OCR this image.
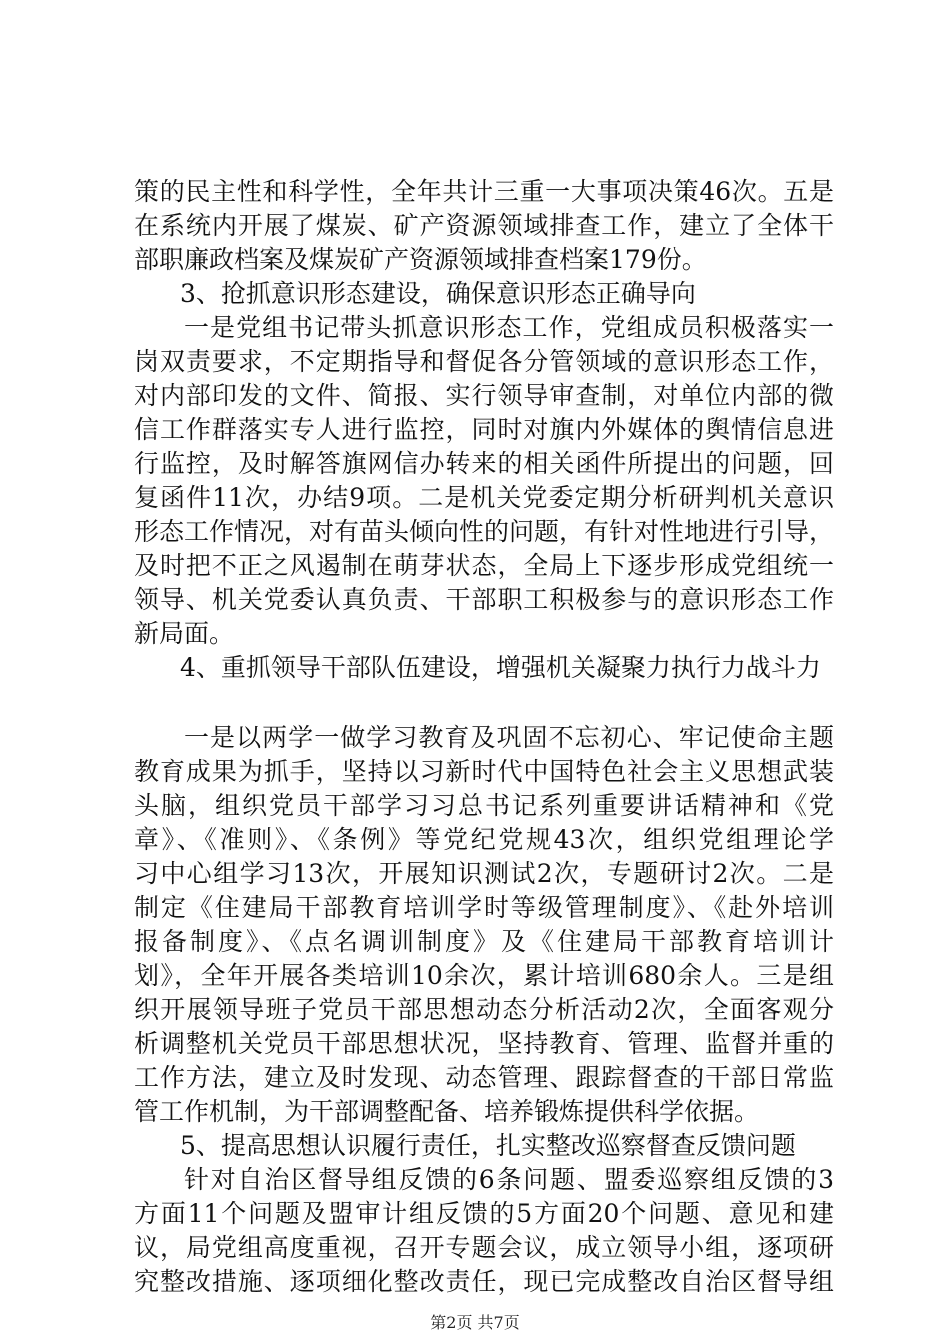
策的民主性和科学性，全年共计三重一大事项决策46次。五是
在系统内开展了煤炭、矿产资源领域排查工作，建立了全体干
部职廉政档案及煤炭矿产资源领域排查档案179份。
3、抢抓意识形态建设，确保意识形态正确导向
一是党组书记带头抓意识形态工作，党组成员积极落实一
岗双责要求，不定期指导和督促各分管领域的意识形态工作，
对内部印发的文件、简报、实行领导审查制，对单位内部的微
信工作群落实专人进行监控，同时对旗内外媒体的舆情信息进
行监控，及时解答旗网信办转来的相关函件所提出的问题，回
复函件11次，办结9项。二是机关党委定期分析研判机关意识
形态工作情况，对有苗头倾向性的问题，有针对性地进行引导，
及时把不正之风遏制在萌芽状态，全局上下逐步形成党组统一
领导、机关党委认真负责、干部职工积极参与的意识形态工作
新局面。
4、重抓领导干部队伍建设，增强机关凝聚力执行力战斗力
一是以两学一做学习教育及巩固不忘初心、牢记使命主题
教育成果为抓手，坚持以习新时代中国特色社会主义思想武装
头脑，组织党员干部学习习总书记系列重要讲话精神和《党
章》、《准则》、《条例》等党纪党规43次，组织党组理论学
习中心组学习13次，开展知识测试2次，专题研讨2次。二是
制定《住建局干部教育培训学时等级管理制度》、《赴外培训
报备制度》、《点名调训制度》及《住建局干部教育培训计
划》，全年开展各类培训10余次，累计培训680余人。三是组
织开展领导班子党员干部思想动态分析活动2次，全面客观分
析调整机关党员干部思想状况，坚持教育、管理、监督并重的
工作方法，建立及时发现、动态管理、跟踪督查的干部日常监
管工作机制，为干部调整配备、培养锻炼提供科学依据。
5、提高思想认识履行责任，扎实整改巡察督查反馈问题
针对自治区督导组反馈的6条问题、盟委巡察组反馈的3
方面11个问题及盟审计组反馈的5方面20个问题、意见和建
议，局党组高度重视，召开专题会议，成立领导小组，逐项研
究整改措施、逐项细化整改责任，现已完成整改自治区督导组
第2页 共7页
